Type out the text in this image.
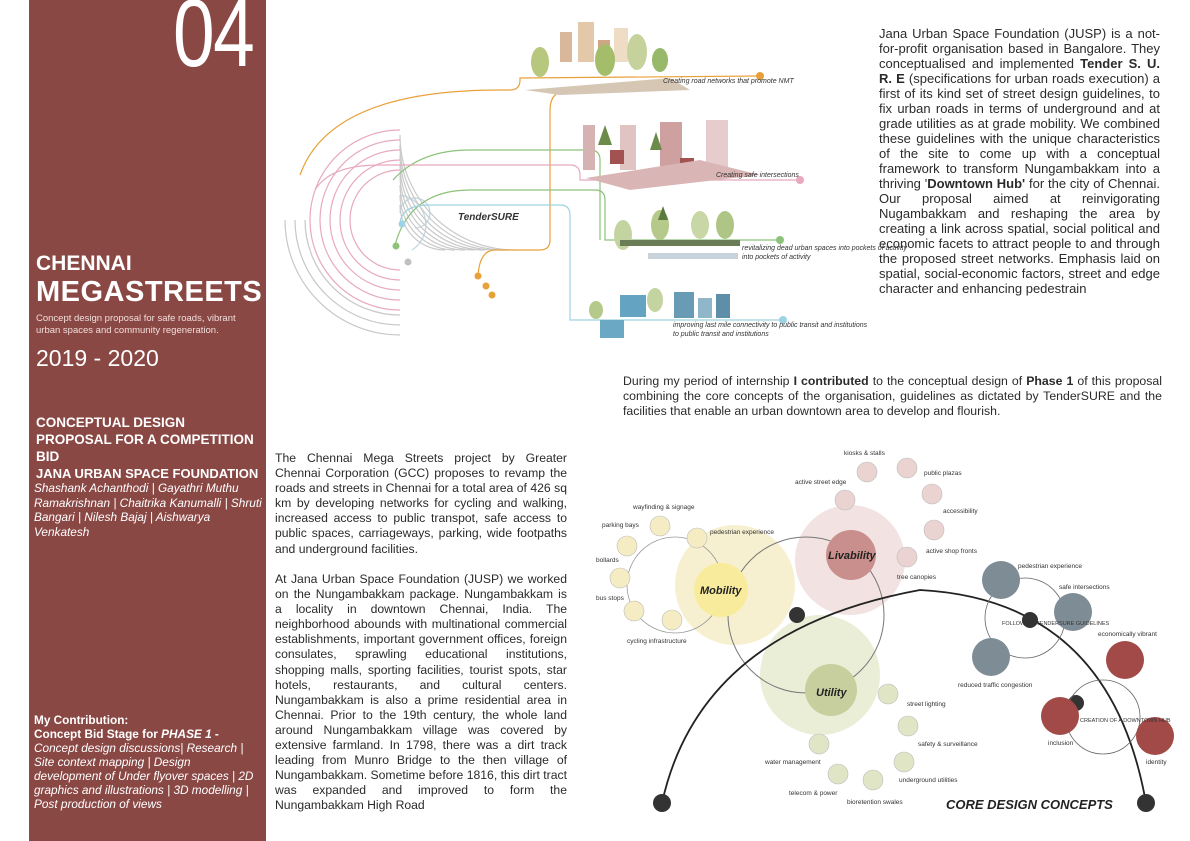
04
CHENNAI
MEGASTREETS
Concept design proposal for safe roads, vibrant urban spaces and community regeneration.
2019 - 2020
CONCEPTUAL DESIGN PROPOSAL FOR A COMPETITION BID
JANA URBAN SPACE FOUNDATION
Shashank Achanthodi | Gayathri Muthu Ramakrishnan | Chaitrika Kanumalli | Shruti Bangari | Nilesh Bajaj | Aishwarya Venkatesh
My Contribution:
Concept Bid Stage for PHASE 1 -
Concept design discussions| Research | Site context mapping | Design development of Under flyover spaces | 2D graphics and illustrations | 3D modelling | Post production of views
Jana Urban Space Foundation (JUSP) is a not-for-profit organisation based in Bangalore. They conceptualised and implemented Tender S. U. R. E (specifications for urban roads execution) a first of its kind set of street design guidelines, to fix urban roads in terms of underground and at grade utilities as at grade mobility. We combined these guidelines with the unique characteristics of the site to come up with a conceptual framework to transform Nungambakkam into a thriving 'Downtown Hub' for the city of Chennai. Our proposal aimed at reinvigorating Nugambakkam and reshaping the area by creating a link across spatial, social political and economic facets to attract people to and through the proposed street networks. Emphasis laid on spatial, social-economic factors, street and edge character and enhancing pedestrain
During my period of internship I contributed to the conceptual design of Phase 1 of this proposal combining the core concepts of the organisation, guidelines as dictated by TenderSURE and the facilities that enable an urban downtown area to develop and flourish.
The Chennai Mega Streets project by Greater Chennai Corporation (GCC) proposes to revamp the roads and streets in Chennai for a total area of 426 sq km by developing networks for cycling and walking, increased access to public transpot, safe access to public spaces, carriageways, parking, wide footpaths and underground facilities.
At Jana Urban Space Foundation (JUSP) we worked on the Nungambakkam package. Nungambakkam is a locality in downtown Chennai, India. The neighborhood abounds with multinational commercial establishments, important government offices, foreign consulates, sprawling educational institutions, shopping malls, sporting facilities, tourist spots, star hotels, restaurants, and cultural centers. Nungambakkam is also a prime residential area in Chennai. Prior to the 19th century, the whole land around Nungambakkam village was covered by extensive farmland. In 1798, there was a dirt track leading from Munro Bridge to the then village of Nungambakkam. Sometime before 1816, this dirt tract was expanded and improved to form the Nungambakkam High Road
TenderSURE
Creating road networks that promote NMT
Creating safe intersections
revitalizing dead urban spaces into pockets of activity
into pockets of activity
improving last mile connectivity to public transit and institutions
to public transit and institutions
Mobility
Livability
Utility
wayfinding & signage
pedestrian experience
parking bays
bollards
bus stops
cycling infrastructure
kiosks & stalls
active street edge
public plazas
accessibility
active shop fronts
tree canopies
street lighting
safety & surveillance
underground utilities
bioretention swales
telecom & power
water management
pedestrian experience
safe intersections
reduced traffic congestion
FOLLOWING TENDERSURE GUIDELINES
economically vibrant
inclusion
identity
CREATION OF A DOWNTOWN HUB
CORE DESIGN CONCEPTS
